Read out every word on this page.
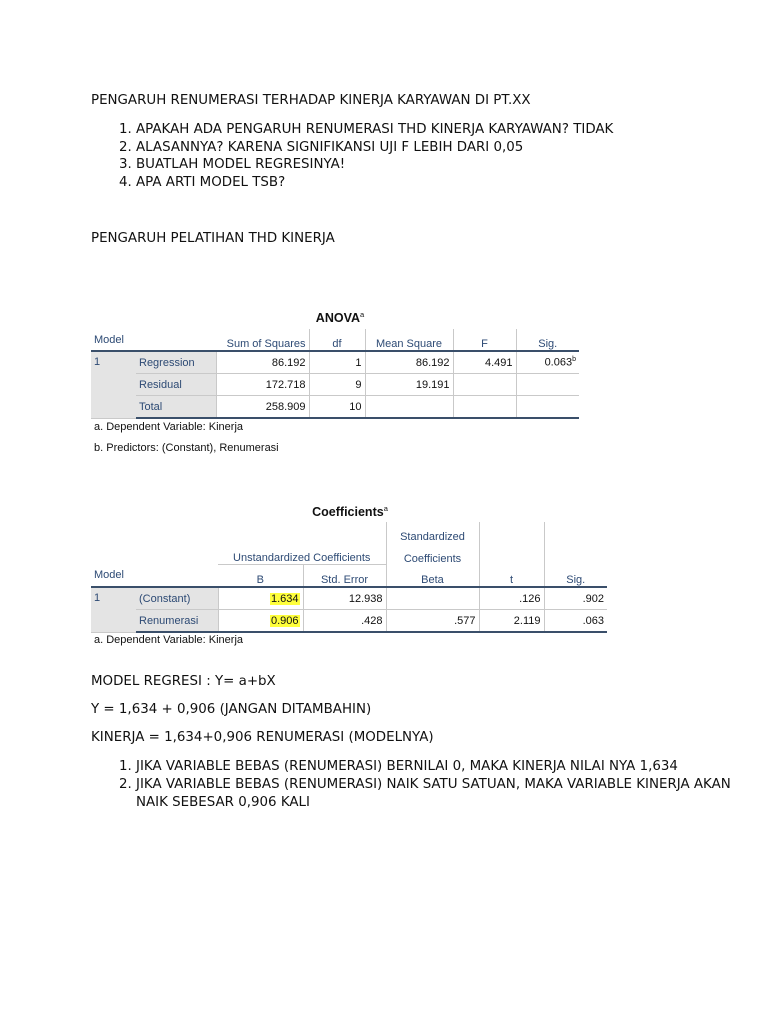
PENGARUH RENUMERASI TERHADAP KINERJA KARYAWAN DI PT.XX
1. APAKAH ADA PENGARUH RENUMERASI THD KINERJA KARYAWAN? TIDAK
2. ALASANNYA? KARENA SIGNIFIKANSI UJI F LEBIH DARI 0,05
3. BUATLAH MODEL REGRESINYA!
4. APA ARTI MODEL TSB?
PENGARUH PELATIHAN THD KINERJA
ANOVA$^a$
Model		Sum of Squares	df	Mean Square	F	Sig.
1	Regression	86.192	1	86.192	4.491	0.063$^b$
	Residual	172.718	9	19.191		
	Total	258.909	10			
a. Dependent Variable: Kinerja
b. Predictors: (Constant), Renumerasi
Coefficients$^a$
				Standardized		
		Unstandardized Coefficients		Coefficients		
Model		B	Std. Error	Beta	t	Sig.
1	(Constant)	1.634	12.938		.126	.902
	Renumerasi	0.906	.428	.577	2.119	.063
a. Dependent Variable: Kinerja
MODEL REGRESI : Y= a+bX
Y = 1,634 + 0,906 (JANGAN DITAMBAHIN)
KINERJA = 1,634+0,906 RENUMERASI (MODELNYA)
1. JIKA VARIABLE BEBAS (RENUMERASI) BERNILAI 0, MAKA KINERJA NILAI NYA 1,634
2. JIKA VARIABLE BEBAS (RENUMERASI) NAIK SATU SATUAN, MAKA VARIABLE KINERJA AKAN NAIK SEBESAR 0,906 KALI
